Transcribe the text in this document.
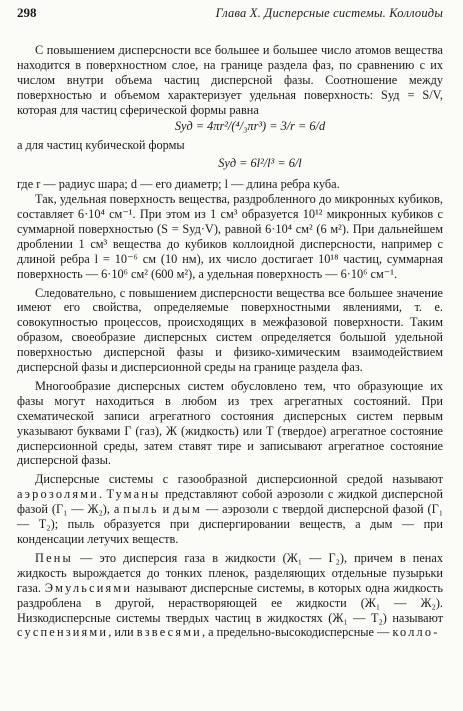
298	Глава X. Дисперсные системы. Коллоиды

С повышением дисперсности все большее и большее число атомов вещества находится в поверхностном слое, на границе раздела фаз, по сравнению с их числом внутри объема частиц дисперсной фазы. Соотношение между поверхностью и объемом характеризует удельная поверхность: Sуд = S/V, которая для частиц сферической формы равна

Sуд = 4πr²/(⁴/₃πr³) = 3/r = 6/d

а для частиц кубической формы

Sуд = 6l²/l³ = 6/l

где r — радиус шара; d — его диаметр; l — длина ребра куба.

Так, удельная поверхность вещества, раздробленного до микронных кубиков, составляет 6·10⁴ см⁻¹. При этом из 1 см³ образуется 10¹² микронных кубиков с суммарной поверхностью (S = Sуд·V), равной 6·10⁴ см² (6 м²). При дальнейшем дроблении 1 см³ вещества до кубиков коллоидной дисперсности, например с длиной ребра l = 10⁻⁶ см (10 нм), их число достигает 10¹⁸ частиц, суммарная поверхность — 6·10⁶ см² (600 м²), а удельная поверхность — 6·10⁶ см⁻¹.

Следовательно, с повышением дисперсности вещества все большее значение имеют его свойства, определяемые поверхностными явлениями, т. е. совокупностью процессов, происходящих в межфазовой поверхности. Таким образом, своеобразие дисперсных систем определяется большой удельной поверхностью дисперсной фазы и физико-химическим взаимодействием дисперсной фазы и дисперсионной среды на границе раздела фаз.

Многообразие дисперсных систем обусловлено тем, что образующие их фазы могут находиться в любом из трех агрегатных состояний. При схематической записи агрегатного состояния дисперсных систем первым указывают буквами Г (газ), Ж (жидкость) или Т (твердое) агрегатное состояние дисперсионной среды, затем ставят тире и записывают агрегатное состояние дисперсной фазы.

Дисперсные системы с газообразной дисперсионной средой называют аэрозолями. Туманы представляют собой аэрозоли с жидкой дисперсной фазой (Г₁ — Ж₂), а пыль и дым — аэрозоли с твердой дисперсной фазой (Г₁ — Т₂); пыль образуется при диспергировании веществ, а дым — при конденсации летучих веществ.

Пены — это дисперсия газа в жидкости (Ж₁ — Г₂), причем в пенах жидкость вырождается до тонких пленок, разделяющих отдельные пузырьки газа. Эмульсиями называют дисперсные системы, в которых одна жидкость раздроблена в другой, нерастворяющей ее жидкости (Ж₁ — Ж₂). Низкодисперсные системы твердых частиц в жидкостях (Ж₁ — Т₂) называют суспензиями, или взвесями, а предельно-высокодисперсные — колло-
